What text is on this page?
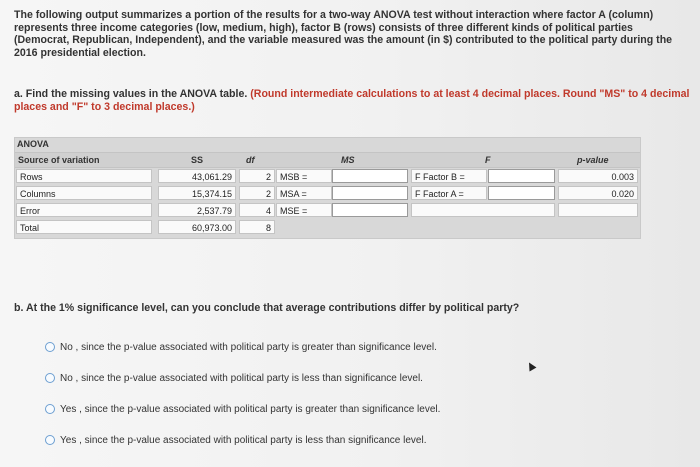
The following output summarizes a portion of the results for a two-way ANOVA test without interaction where factor A (column) represents three income categories (low, medium, high), factor B (rows) consists of three different kinds of political parties (Democrat, Republican, Independent), and the variable measured was the amount (in $) contributed to the political party during the 2016 presidential election.
a. Find the missing values in the ANOVA table. (Round intermediate calculations to at least 4 decimal places. Round "MS" to 4 decimal places and "F" to 3 decimal places.)
ANOVA
Source of variation	SS	df	MS	F	p-value
Rows	43,061.29	2	MSB =	F Factor B =	0.003
Columns	15,374.15	2	MSA =	F Factor A =	0.020
Error	2,537.79	4	MSE =
Total	60,973.00	8
b. At the 1% significance level, can you conclude that average contributions differ by political party?
No , since the p-value associated with political party is greater than significance level.
No , since the p-value associated with political party is less than significance level.
Yes , since the p-value associated with political party is greater than significance level.
Yes , since the p-value associated with political party is less than significance level.
